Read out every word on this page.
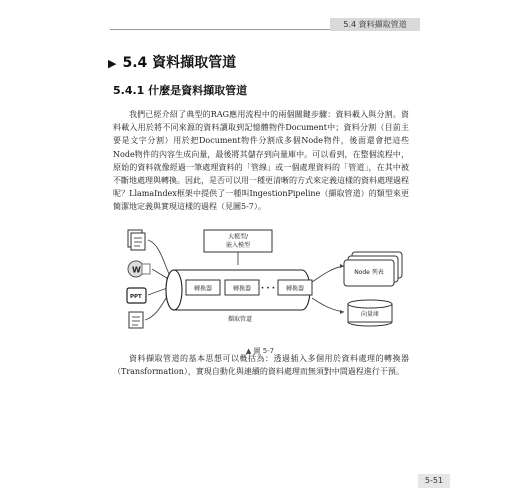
5.4 資料擷取管道
▶ 5.4 資料擷取管道
5.4.1 什麼是資料擷取管道

我們已經介紹了典型的RAG應用流程中的兩個關鍵步驟：資料載入與分割。資料載入用於將不同來源的資料讀取到記憶體物件Document中；資料分割（目前主要是文字分割）用於把Document物件分割成多個Node物件，後面還會把這些Node物件的內容生成向量，最後將其儲存到向量庫中。可以看到，在整個流程中，原始的資料就像經過一筆處理資料的「管線」或一個處理資料的「管道」，在其中被不斷地處理與轉換。因此，是否可以用一種更清晰的方式來定義這樣的資料處理過程呢？LlamaIndex框架中提供了一種叫IngestionPipeline（擷取管道）的類型來更簡潔地定義與實現這樣的過程（見圖5-7）。

W
PPT
大模型/
嵌入模型
轉換器	轉換器 • • • 轉換器
擷取管道
Node 列表
向量庫
▲ 圖 5-7

資料擷取管道的基本思想可以概括為：透過插入多個用於資料處理的轉換器（Transformation），實現自動化與連續的資料處理而無須對中間過程進行干預。

5-51
